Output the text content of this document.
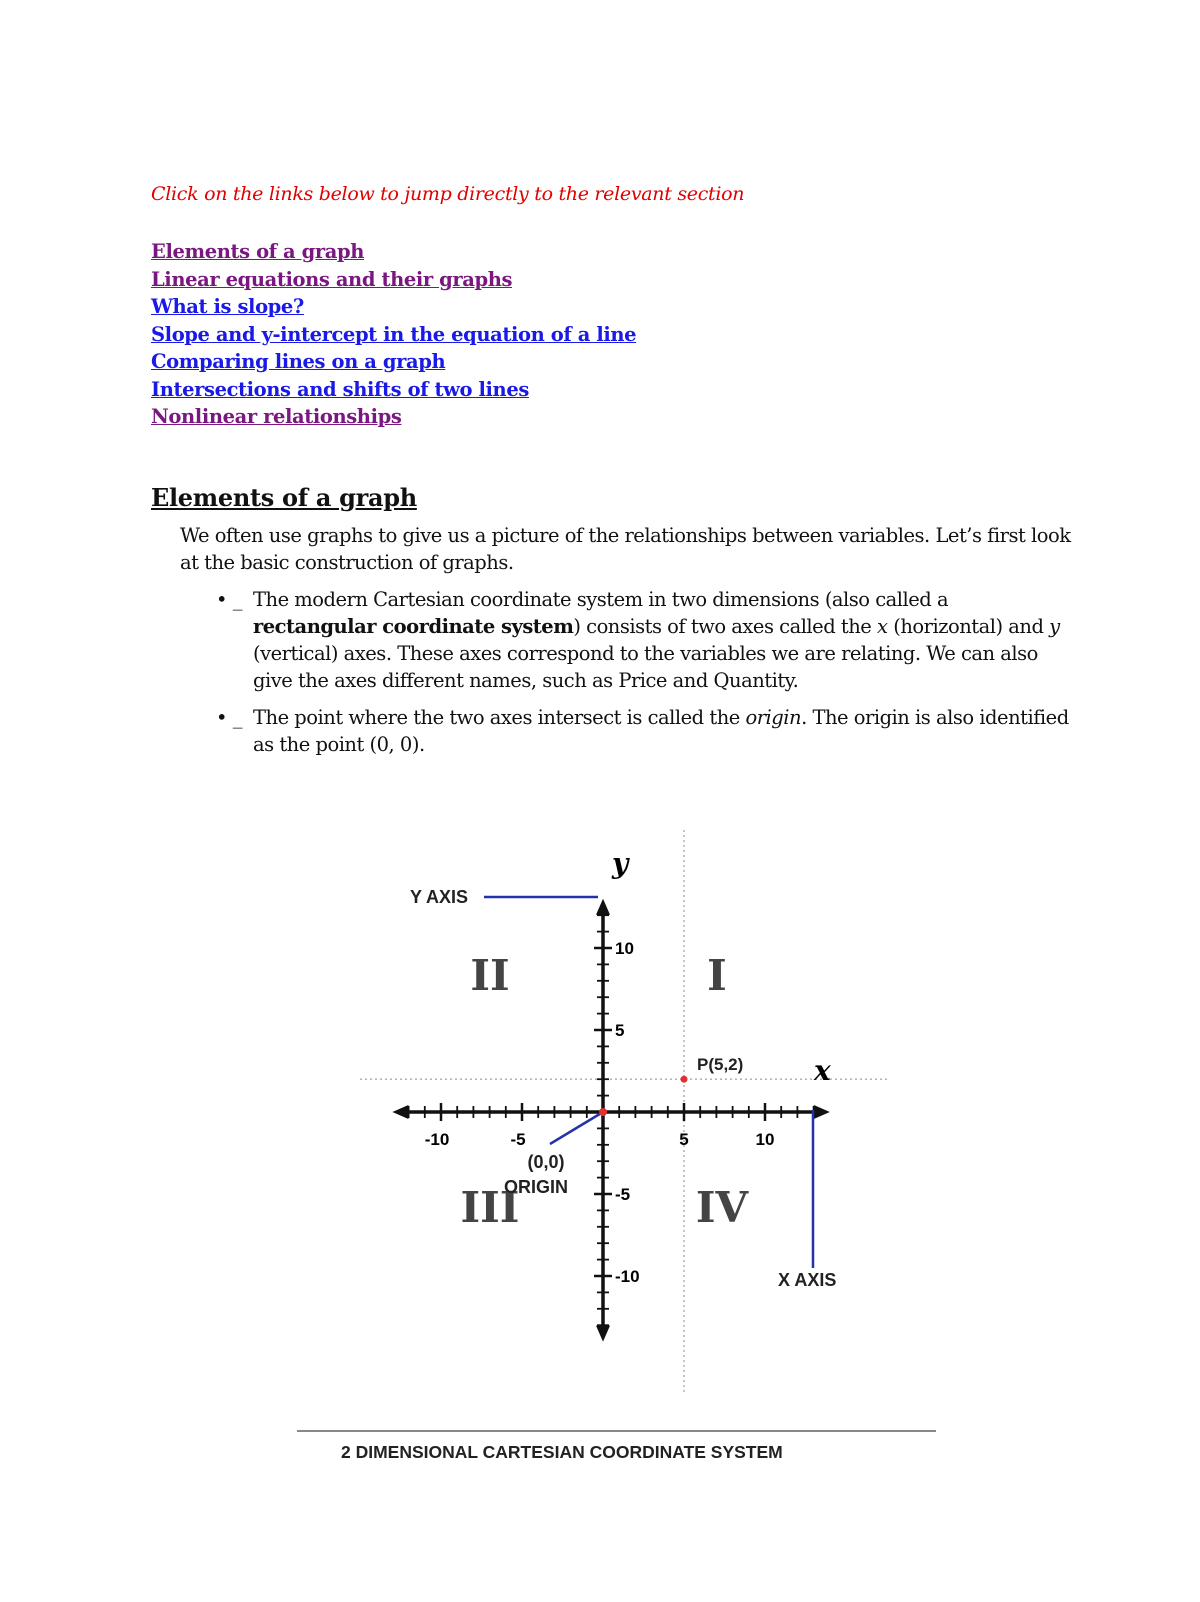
Click on the links below to jump directly to the relevant section
Elements of a graph
Linear equations and their graphs
What is slope?
Slope and y-intercept in the equation of a line
Comparing lines on a graph
Intersections and shifts of two lines
Nonlinear relationships
Elements of a graph

We often use graphs to give us a picture of the relationships between variables. Let’s first look at the basic construction of graphs.

• _ The modern Cartesian coordinate system in two dimensions (also called a rectangular coordinate system) consists of two axes called the x (horizontal) and y (vertical) axes. These axes correspond to the variables we are relating. We can also give the axes different names, such as Price and Quantity.
• _ The point where the two axes intersect is called the origin. The origin is also identified as the point (0, 0).
-10	-5	5	10
10
5
-5
-10
y
x
II	I
III	IV
Y AXIS
X AXIS
(0,0)
ORIGIN
P(5,2)
2 DIMENSIONAL CARTESIAN COORDINATE SYSTEM
